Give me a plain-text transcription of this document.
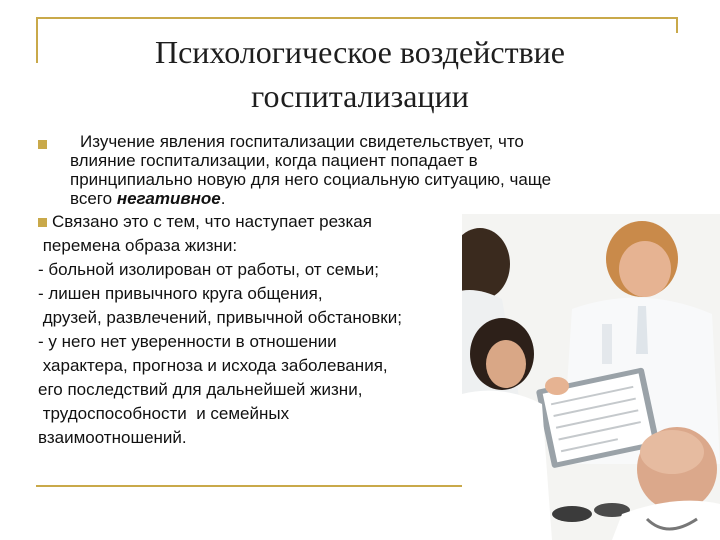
Психологическое воздействие
госпитализации
Изучение явления госпитализации свидетельствует, что
влияние госпитализации, когда пациент попадает в
принципиально новую для него социальную ситуацию, чаще
всего негативное.
Связано это с тем, что наступает резкая
перемена образа жизни:
- больной изолирован от работы, от семьи;
- лишен привычного круга общения,
друзей, развлечений, привычной обстановки;
- у него нет уверенности в отношении
характера, прогноза и исхода заболевания,
его последствий для дальнейшей жизни,
трудоспособности  и семейных
взаимоотношений.
